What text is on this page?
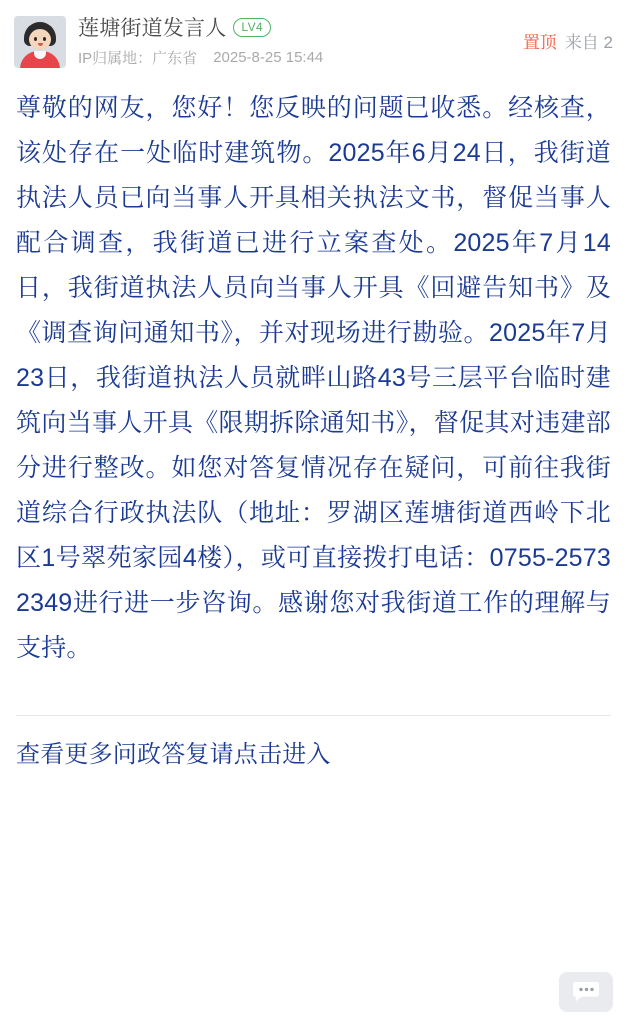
莲塘街道发言人	LV4
IP归属地：广东省 2025-8-25 15:44
置顶 来自 2
尊敬的网友，您好！您反映的问题已收悉。经核查，该处存在一处临时建筑物。2025年6月24日，我街道执法人员已向当事人开具相关执法文书，督促当事人配合调查，我街道已进行立案查处。2025年7月14日，我街道执法人员向当事人开具《回避告知书》及《调查询问通知书》，并对现场进行勘验。2025年7月23日，我街道执法人员就畔山路43号三层平台临时建筑向当事人开具《限期拆除通知书》，督促其对违建部分进行整改。如您对答复情况存在疑问，可前往我街道综合行政执法队（地址：罗湖区莲塘街道西岭下北区1号翠苑家园4楼），或可直接拨打电话：0755-25732349进行进一步咨询。感谢您对我街道工作的理解与支持。
查看更多问政答复请点击进入
